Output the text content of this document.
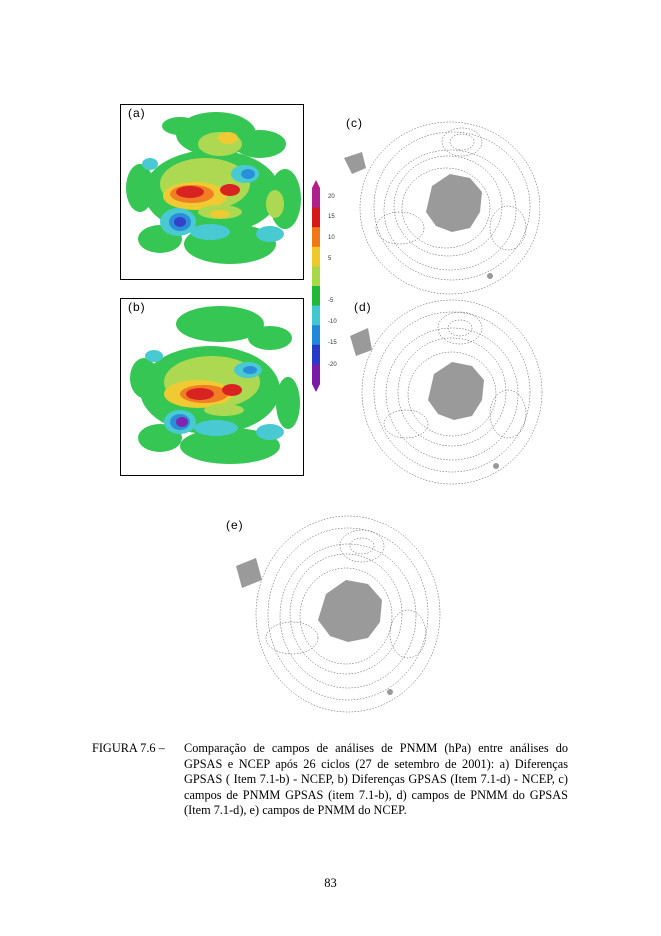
(a)
(b)
20
15
10
5
-5
-10
-15
-20
(c)
(d)
(e)
FIGURA 7.6 – Comparação de campos de análises de PNMM (hPa) entre análises do GPSAS e NCEP após 26 ciclos (27 de setembro de 2001): a) Diferenças GPSAS ( Item 7.1-b) - NCEP, b) Diferenças GPSAS (Item 7.1-d) - NCEP, c) campos de PNMM GPSAS (item 7.1-b), d) campos de PNMM do GPSAS (Item 7.1-d), e) campos de PNMM do NCEP.
83
